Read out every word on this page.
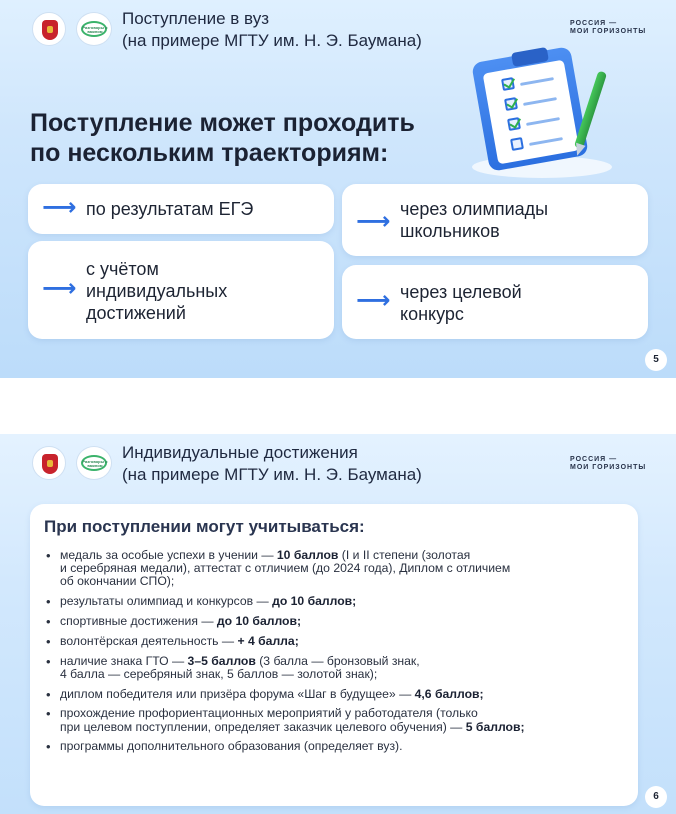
Разговоры о важном
Поступление в вуз
(на примере МГТУ им. Н. Э. Баумана)
РОССИЯ —
МОИ ГОРИЗОНТЫ
Поступление может проходить
по нескольким траекториям:
⟶ по результатам ЕГЭ	⟶ через олимпиады
школьников
⟶
с учётом
индивидуальных
достижений	⟶ через целевой
конкурс
5
Разговоры о важном
Индивидуальные достижения
(на примере МГТУ им. Н. Э. Баумана)
РОССИЯ —
МОИ ГОРИЗОНТЫ
При поступлении могут учитываться:
• медаль за особые успехи в учении — 10 баллов (I и II степени (золотая
и серебряная медали), аттестат с отличием (до 2024 года), Диплом с отличием
об окончании СПО);
• результаты олимпиад и конкурсов — до 10 баллов;
• спортивные достижения — до 10 баллов;
• волонтёрская деятельность — + 4 балла;
• наличие знака ГТО — 3–5 баллов (3 балла — бронзовый знак,
4 балла — серебряный знак, 5 баллов — золотой знак);
• диплом победителя или призёра форума «Шаг в будущее» — 4,6 баллов;
• прохождение профориентационных мероприятий у работодателя (только
при целевом поступлении, определяет заказчик целевого обучения) — 5 баллов;
• программы дополнительного образования (определяет вуз).
6
